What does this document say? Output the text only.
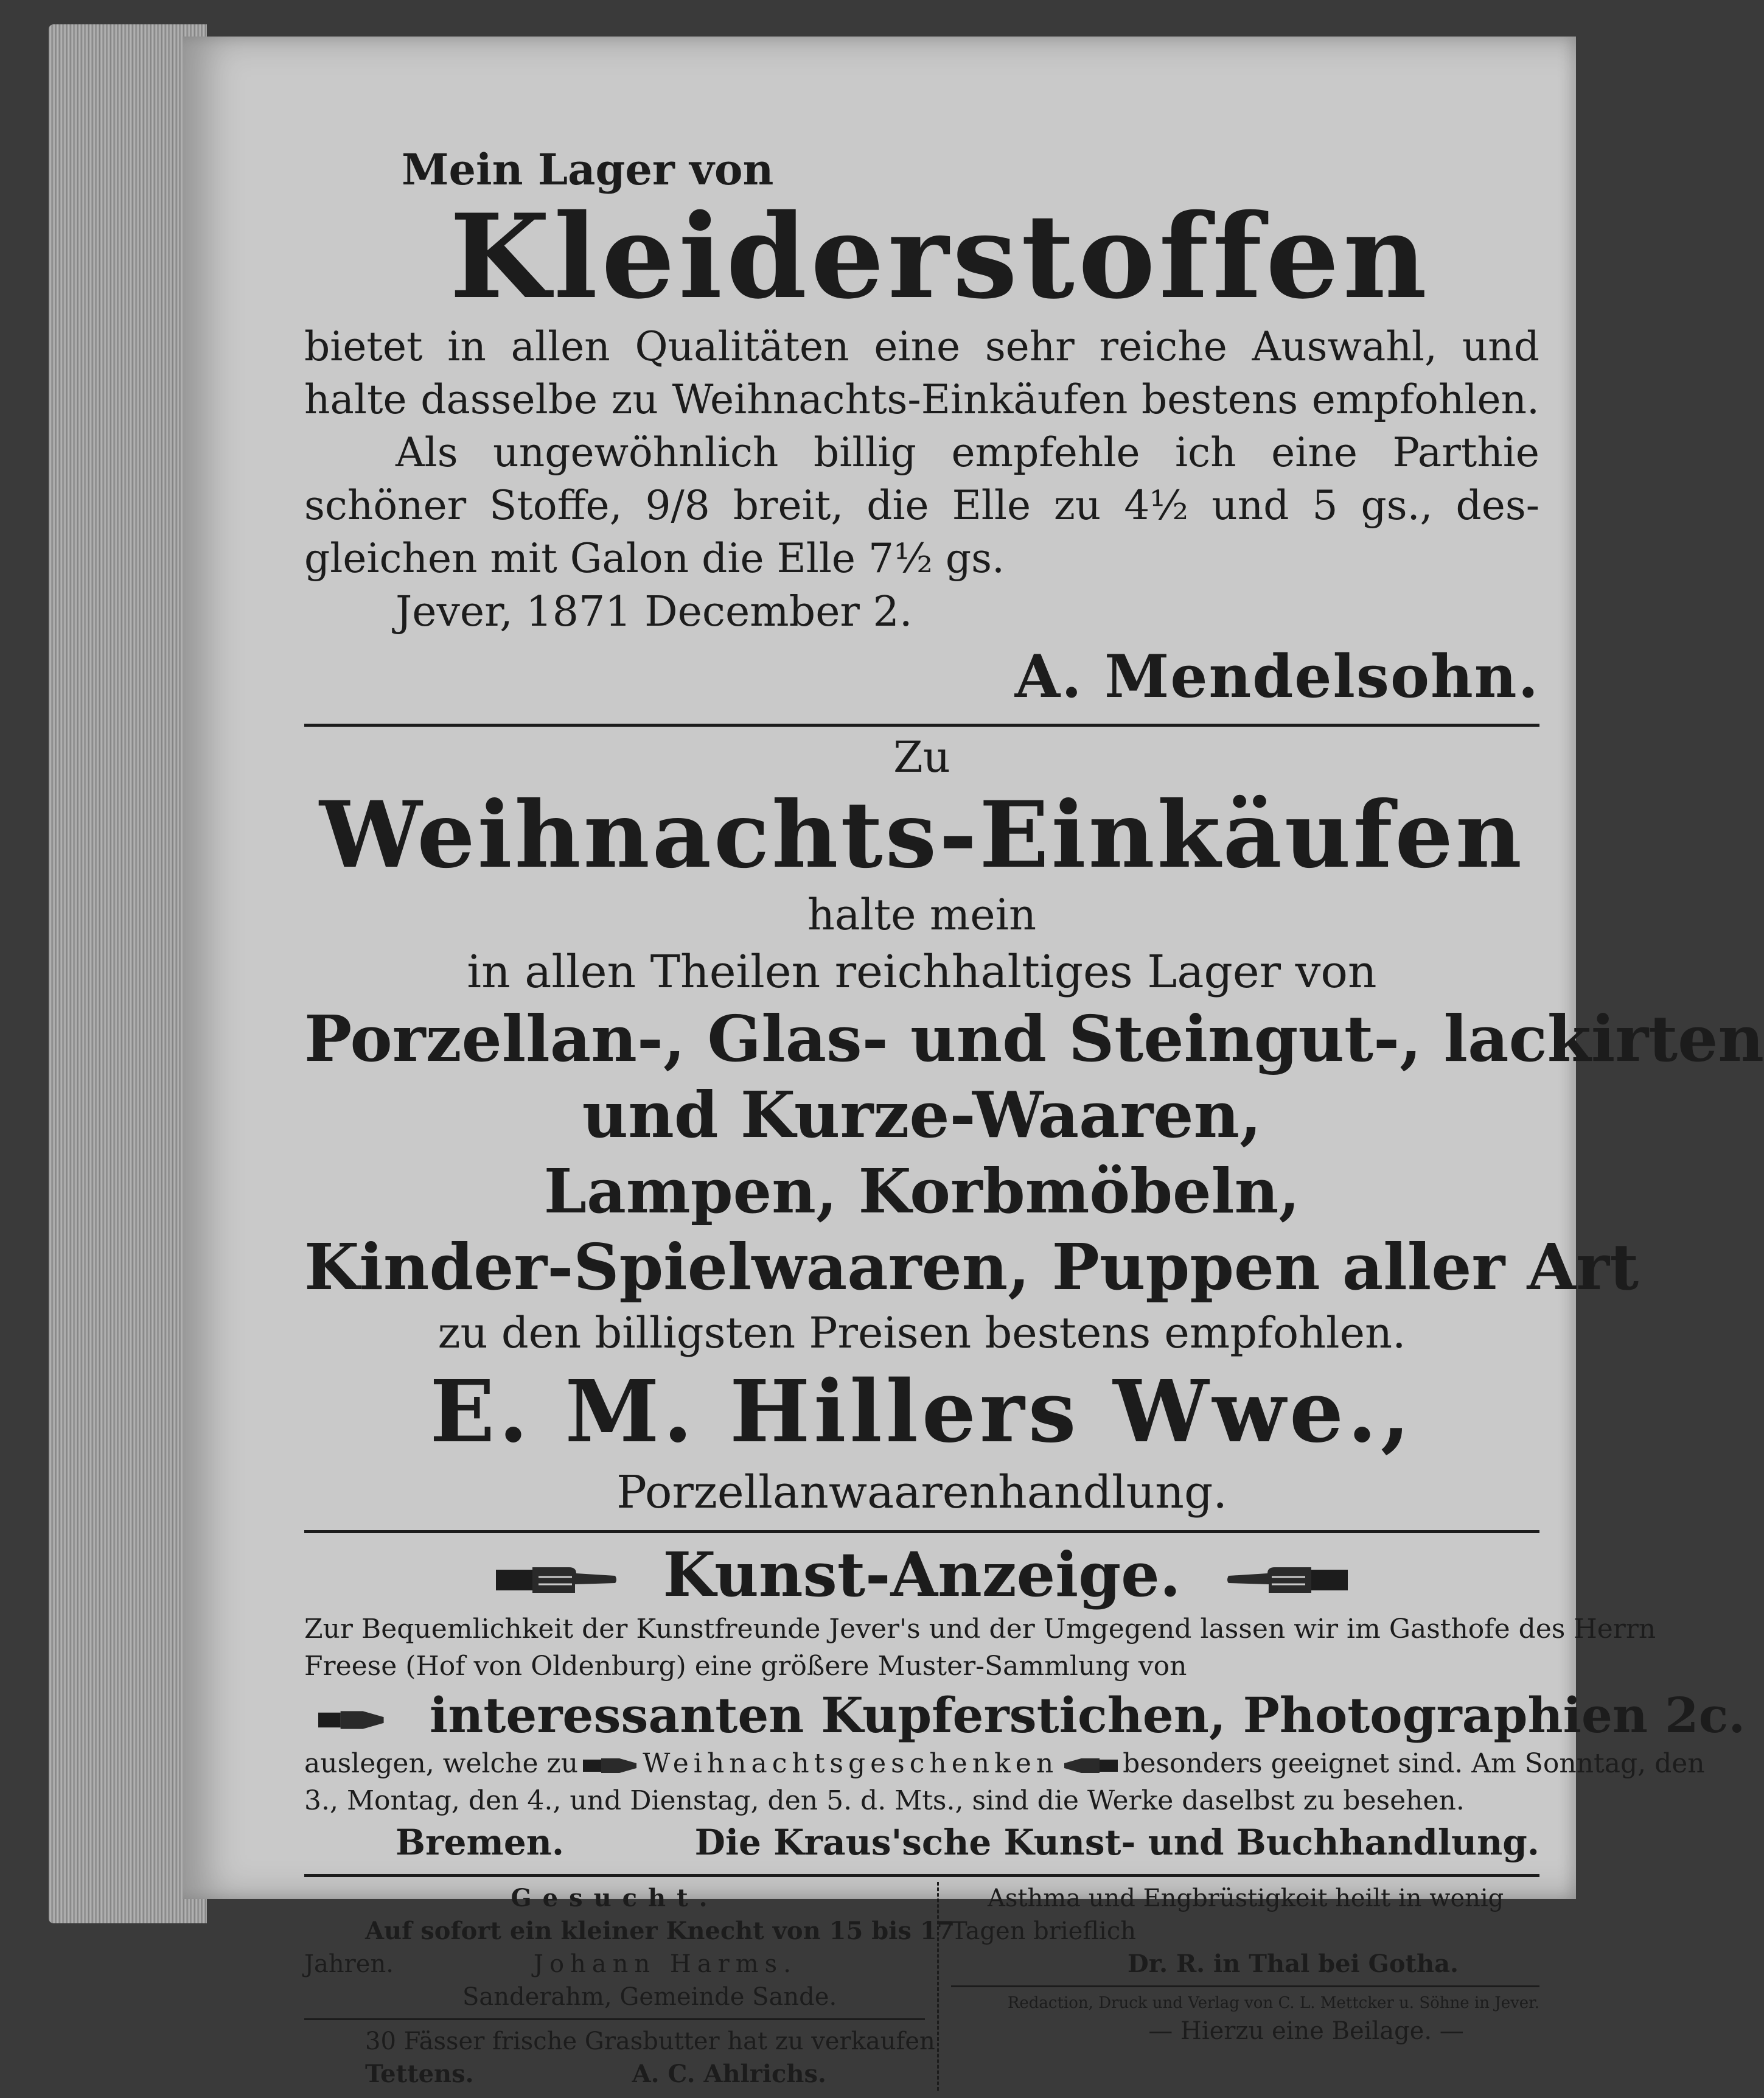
Mein Lager von
Kleiderstoffen
bietet in allen Qualitäten eine sehr reiche Auswahl, und
halte dasselbe zu Weihnachts-Einkäufen bestens empfohlen.
Als ungewöhnlich billig empfehle ich eine Parthie
schöner Stoffe, 9/8 breit, die Elle zu 4½ und 5 gs., des-
gleichen mit Galon die Elle 7½ gs.
Jever, 1871 December 2.
A. Mendelsohn.
Zu
Weihnachts-Einkäufen
halte mein
in allen Theilen reichhaltiges Lager von
Porzellan-, Glas- und Steingut-, lackirten
und Kurze-Waaren,
Lampen, Korbmöbeln,
Kinder-Spielwaaren, Puppen aller Art
zu den billigsten Preisen bestens empfohlen.
E. M. Hillers Wwe.,
Porzellanwaarenhandlung.
Kunst-Anzeige.
Zur Bequemlichkeit der Kunstfreunde Jever's und der Umgegend lassen wir im Gasthofe des Herrn
Freese (Hof von Oldenburg) eine größere Muster-Sammlung von
interessanten Kupferstichen, Photographien 2c.
auslegen, welche zu Weihnachtsgeschenken besonders geeignet sind. Am Sonntag, den
3., Montag, den 4., und Dienstag, den 5. d. Mts., sind die Werke daselbst zu besehen.
Bremen.	Die Kraus'sche Kunst- und Buchhandlung.
Gesucht.
Auf sofort ein kleiner Knecht von 15 bis 17
Jahren.	Johann Harms.
Sanderahm, Gemeinde Sande.
30 Fässer frische Grasbutter hat zu verkaufen
Tettens.	A. C. Ahlrichs.
Asthma und Engbrüstigkeit heilt in wenig
Tagen brieflich
Dr. R. in Thal bei Gotha.
Redaction, Druck und Verlag von C. L. Mettcker u. Söhne in Jever.
— Hierzu eine Beilage. —
